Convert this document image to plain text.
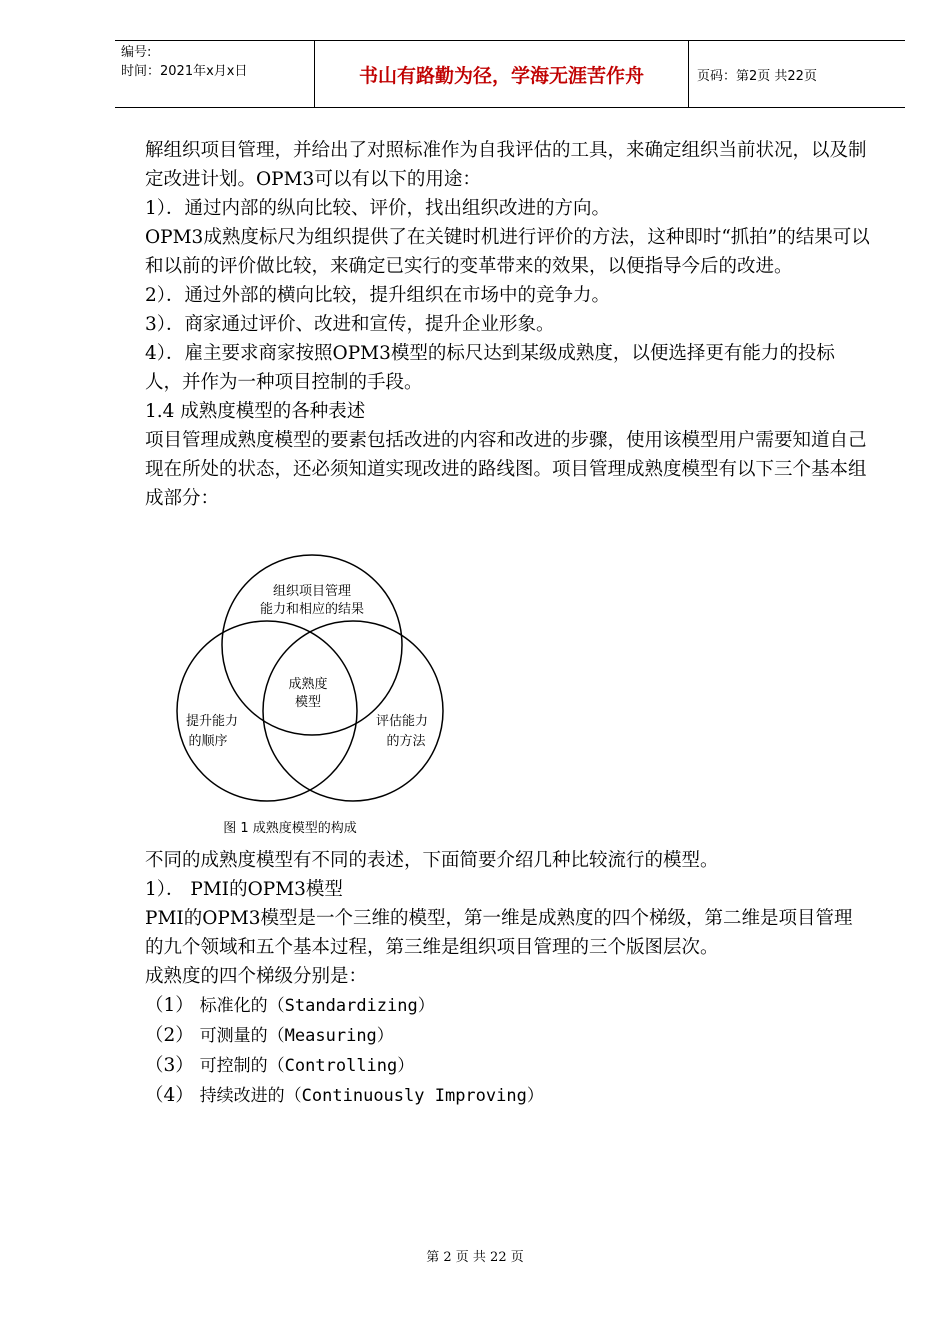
编号:
时间：2021年x月x日	书山有路勤为径，学海无涯苦作舟	页码：第2页 共22页

解组织项目管理，并给出了对照标准作为自我评估的工具，来确定组织当前状况，以及制定改进计划。OPM3可以有以下的用途：

1）．通过内部的纵向比较、评价，找出组织改进的方向。

OPM3成熟度标尺为组织提供了在关键时机进行评价的方法，这种即时“抓拍”的结果可以和以前的评价做比较，来确定已实行的变革带来的效果，以便指导今后的改进。

2）．通过外部的横向比较，提升组织在市场中的竞争力。

3）．商家通过评价、改进和宣传，提升企业形象。

4）．雇主要求商家按照OPM3模型的标尺达到某级成熟度，以便选择更有能力的投标人，并作为一种项目控制的手段。

1.4 成熟度模型的各种表述

项目管理成熟度模型的要素包括改进的内容和改进的步骤，使用该模型用户需要知道自己现在所处的状态，还必须知道实现改进的路线图。项目管理成熟度模型有以下三个基本组成部分：

不同的成熟度模型有不同的表述，下面简要介绍几种比较流行的模型。

1）． PMI的OPM3模型

PMI的OPM3模型是一个三维的模型，第一维是成熟度的四个梯级，第二维是项目管理的九个领域和五个基本过程，第三维是组织项目管理的三个版图层次。

成熟度的四个梯级分别是：

（1） 标准化的（Standardizing）

（2） 可测量的（Measuring）

（3） 可控制的（Controlling）

（4） 持续改进的（Continuously Improving）

组织项目管理
能力和相应的结果
成熟度
模型
提升能力
的顺序
评估能力
的方法
图 1 成熟度模型的构成
第 2 页 共 22 页
